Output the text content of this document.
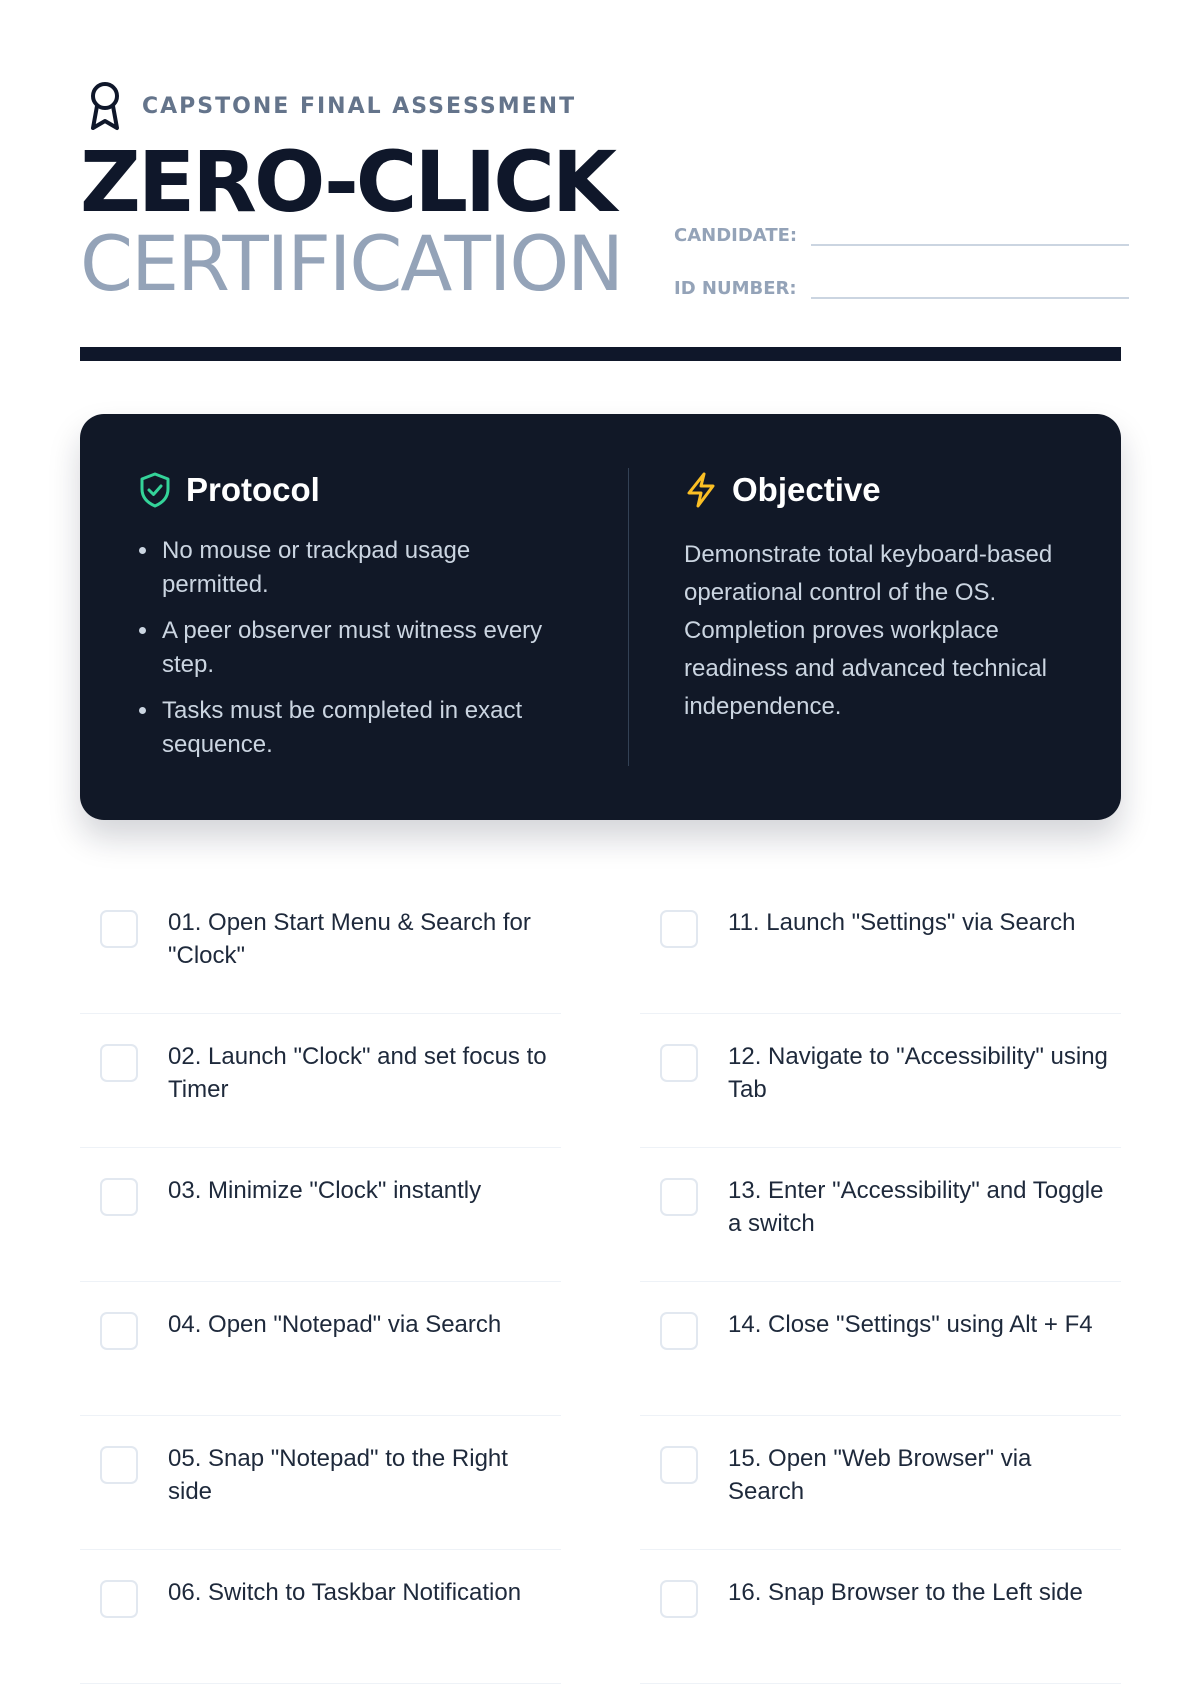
CAPSTONE FINAL ASSESSMENT
ZERO-CLICK
CERTIFICATION	CANDIDATE:
ID NUMBER:
Protocol
• No mouse or trackpad usage permitted.
• A peer observer must witness every step.
• Tasks must be completed in exact sequence.
Objective

Demonstrate total keyboard-based operational control of the OS. Completion proves workplace readiness and advanced technical independence.

01. Open Start Menu & Search for "Clock"
02. Launch "Clock" and set focus to Timer
03. Minimize "Clock" instantly
04. Open "Notepad" via Search
05. Snap "Notepad" to the Right side
06. Switch to Taskbar Notification
11. Launch "Settings" via Search
12. Navigate to "Accessibility" using Tab
13. Enter "Accessibility" and Toggle a switch
14. Close "Settings" using Alt + F4
15. Open "Web Browser" via Search
16. Snap Browser to the Left side
